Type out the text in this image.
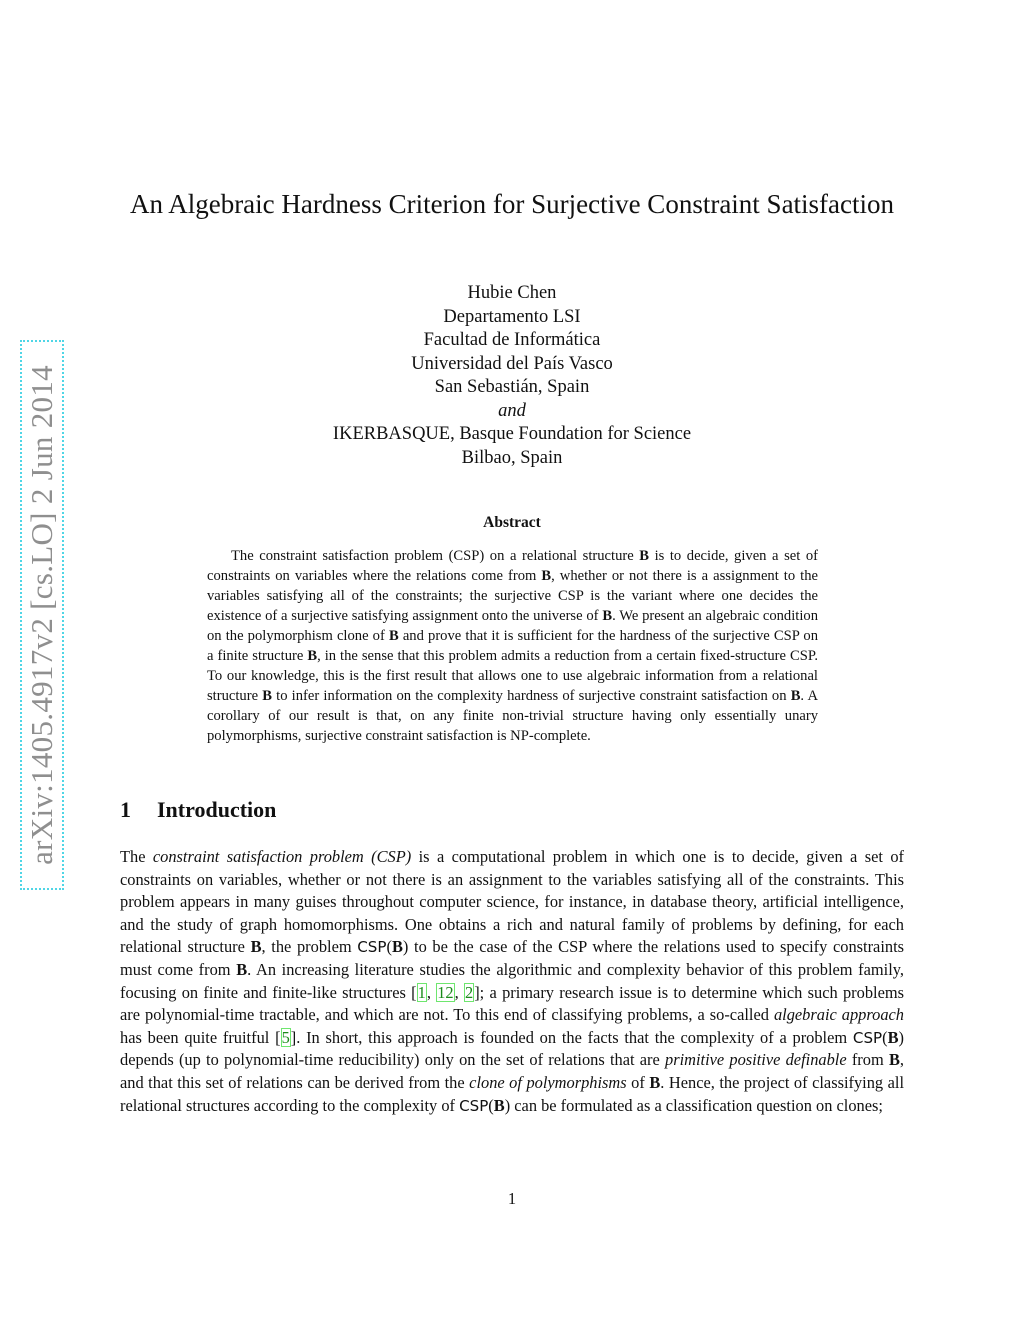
arXiv:1405.4917v2 [cs.LO] 2 Jun 2014
An Algebraic Hardness Criterion for Surjective Constraint Satisfaction
Hubie Chen
Departamento LSI
Facultad de Informática
Universidad del País Vasco
San Sebastián, Spain
and
IKERBASQUE, Basque Foundation for Science
Bilbao, Spain
Abstract

The constraint satisfaction problem (CSP) on a relational structure B is to decide, given a set of constraints on variables where the relations come from B, whether or not there is a assignment to the variables satisfying all of the constraints; the surjective CSP is the variant where one decides the existence of a surjective satisfying assignment onto the universe of B. We present an algebraic condition on the polymorphism clone of B and prove that it is sufficient for the hardness of the surjective CSP on a finite structure B, in the sense that this problem admits a reduction from a certain fixed-structure CSP. To our knowledge, this is the first result that allows one to use algebraic information from a relational structure B to infer information on the complexity hardness of surjective constraint satisfaction on B. A corollary of our result is that, on any finite non-trivial structure having only essentially unary polymorphisms, surjective constraint satisfaction is NP-complete.

1 Introduction

The constraint satisfaction problem (CSP) is a computational problem in which one is to decide, given a set of constraints on variables, whether or not there is an assignment to the variables satisfying all of the constraints. This problem appears in many guises throughout computer science, for instance, in database theory, artificial intelligence, and the study of graph homomorphisms. One obtains a rich and natural family of problems by defining, for each relational structure B, the problem CSP(B) to be the case of the CSP where the relations used to specify constraints must come from B. An increasing literature studies the algorithmic and complexity behavior of this problem family, focusing on finite and finite-like structures [1, 12, 2]; a primary research issue is to determine which such problems are polynomial-time tractable, and which are not. To this end of classifying problems, a so-called algebraic approach has been quite fruitful [5]. In short, this approach is founded on the facts that the complexity of a problem CSP(B) depends (up to polynomial-time reducibility) only on the set of relations that are primitive positive definable from B, and that this set of relations can be derived from the clone of polymorphisms of B. Hence, the project of classifying all relational structures according to the complexity of CSP(B) can be formulated as a classification question on clones;

1
